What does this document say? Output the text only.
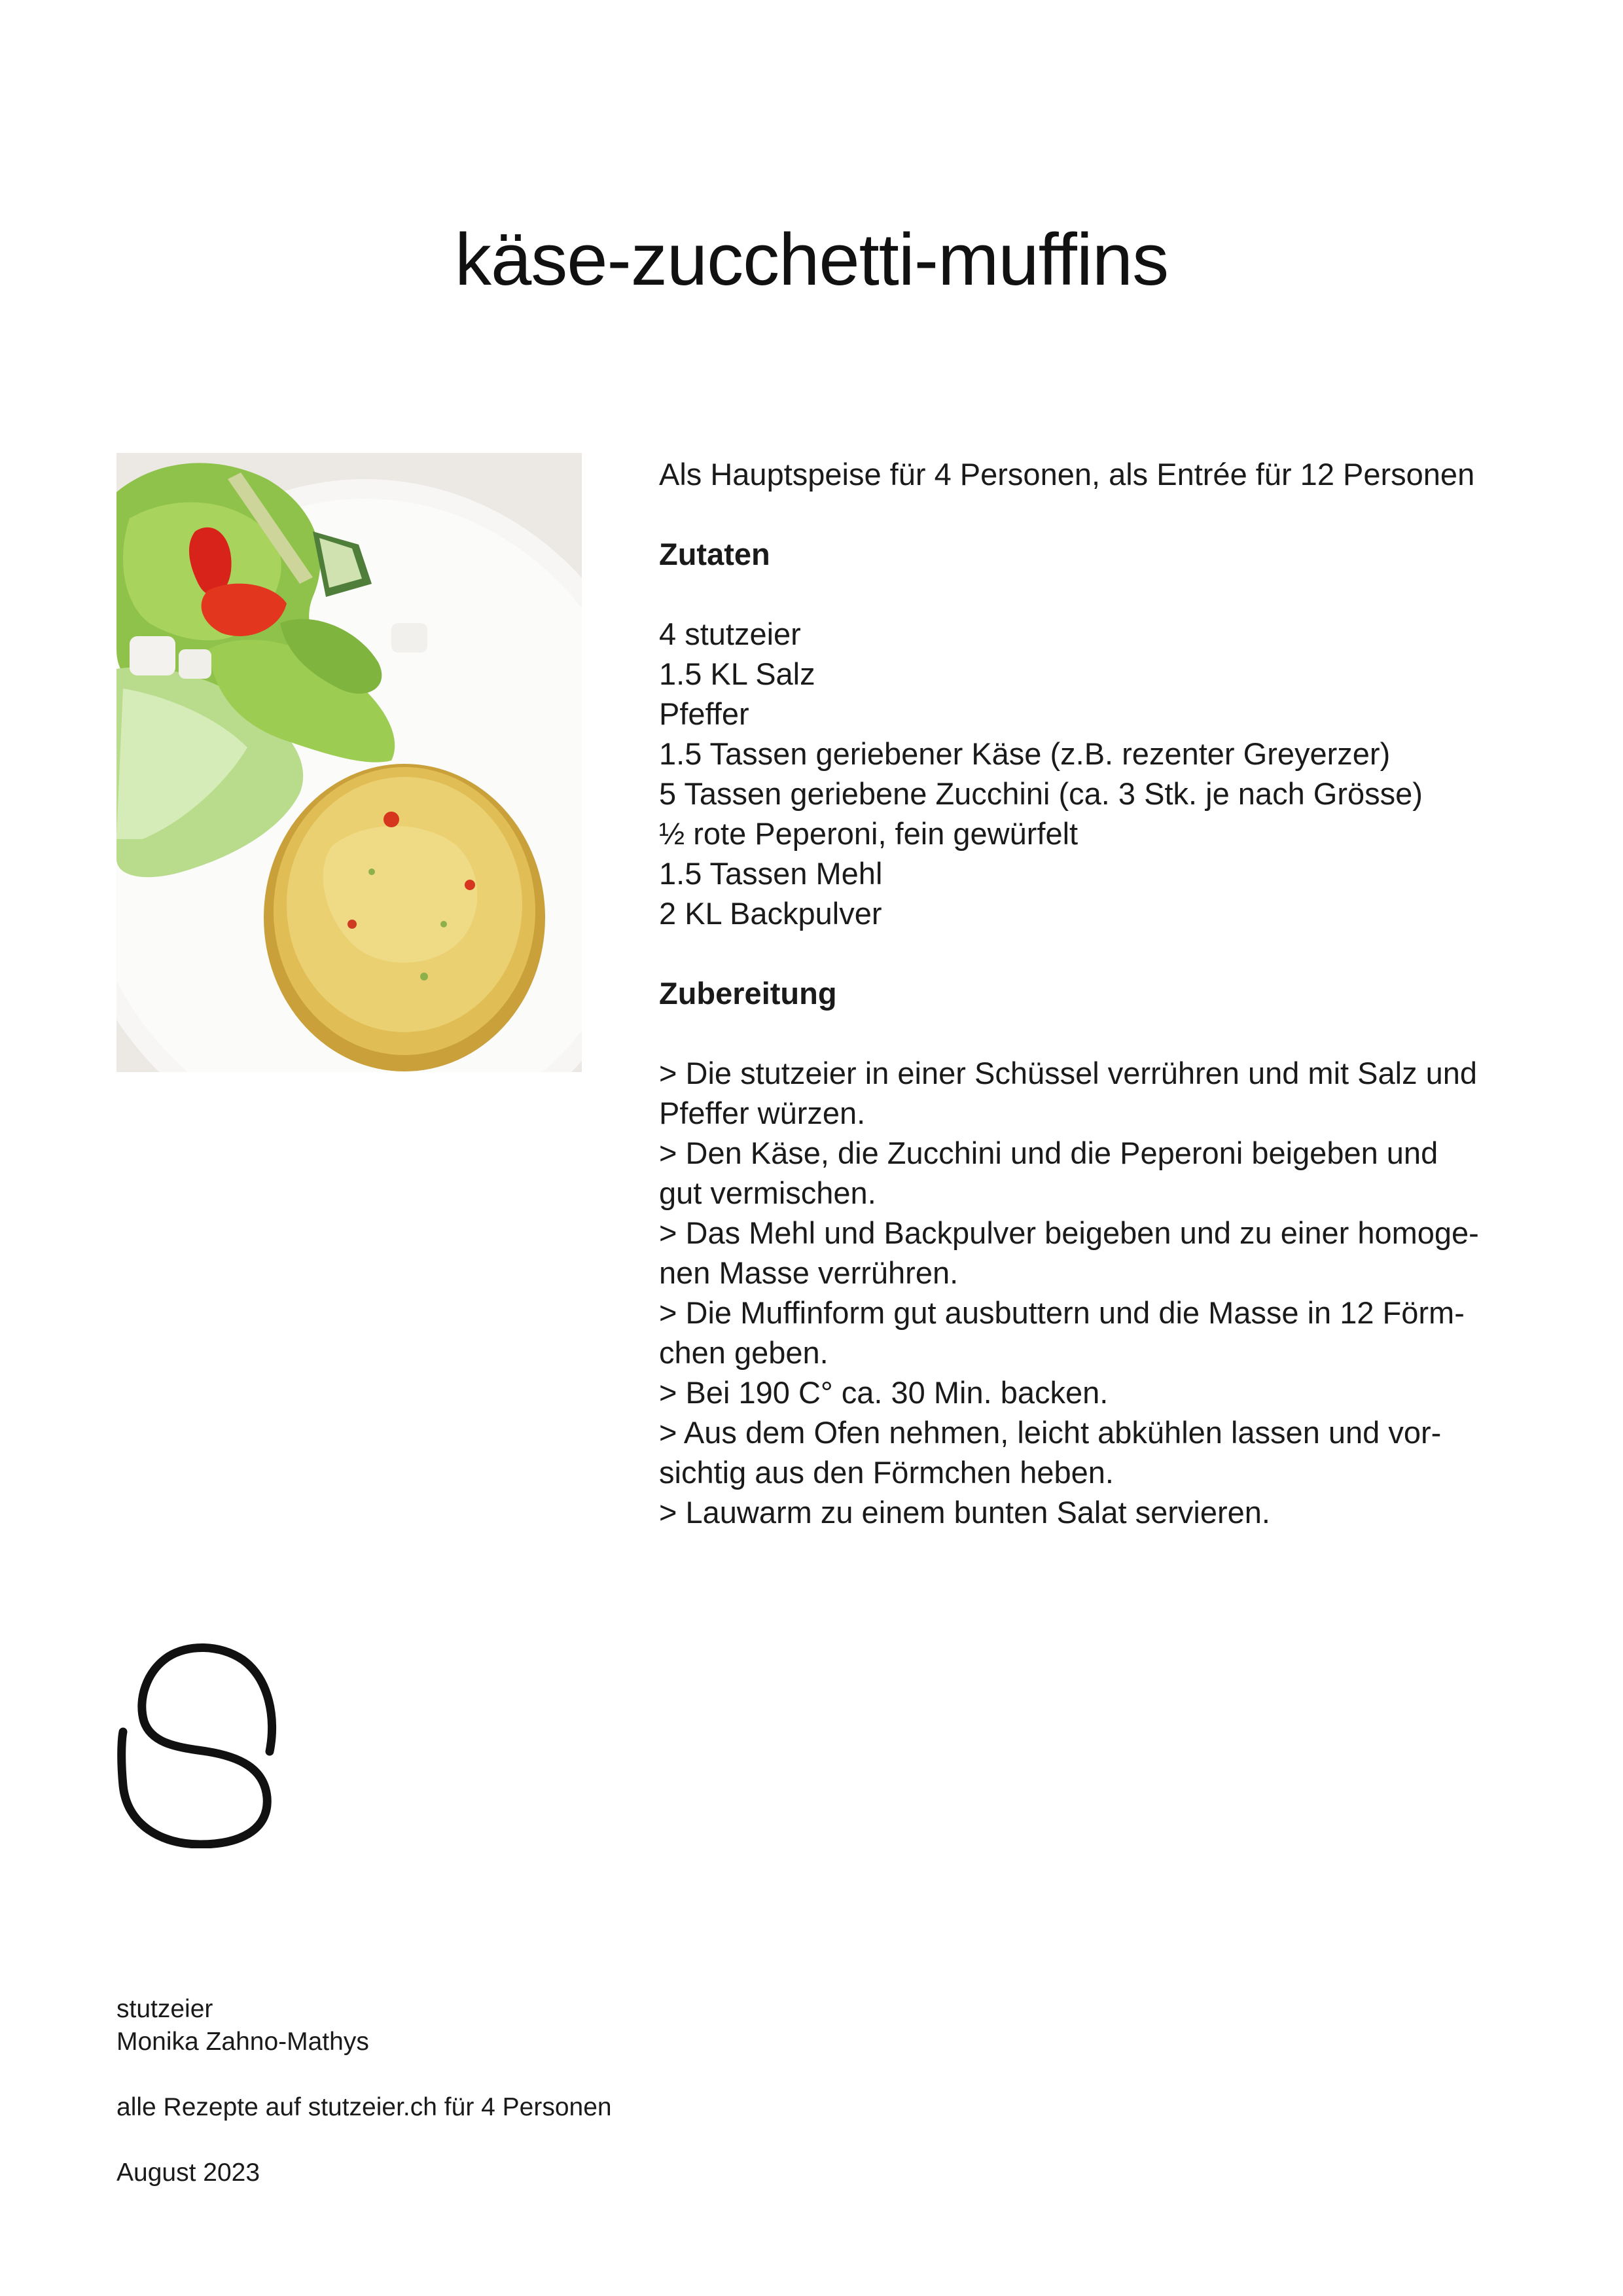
käse-zucchetti-muffins

Als Hauptspeise für 4 Personen, als Entrée für 12 Personen

Zutaten

4 stutzeier
1.5 KL Salz
Pfeffer
1.5 Tassen geriebener Käse (z.B. rezenter Greyerzer)
5 Tassen geriebene Zucchini (ca. 3 Stk. je nach Grösse)
½ rote Peperoni, fein gewürfelt
1.5 Tassen Mehl
2 KL Backpulver

Zubereitung

> Die stutzeier in einer Schüssel verrühren und mit Salz und

Pfeffer würzen.

> Den Käse, die Zucchini und die Peperoni beigeben und

gut vermischen.

> Das Mehl und Backpulver beigeben und zu einer homoge-

nen Masse verrühren.

> Die Muffinform gut ausbuttern und die Masse in 12 Förm-

chen geben.

> Bei 190 C° ca. 30 Min. backen.

> Aus dem Ofen nehmen, leicht abkühlen lassen und vor-

sichtig aus den Förmchen heben.

> Lauwarm zu einem bunten Salat servieren.

stutzeier

Monika Zahno-Mathys

alle Rezepte auf stutzeier.ch für 4 Personen

August 2023
